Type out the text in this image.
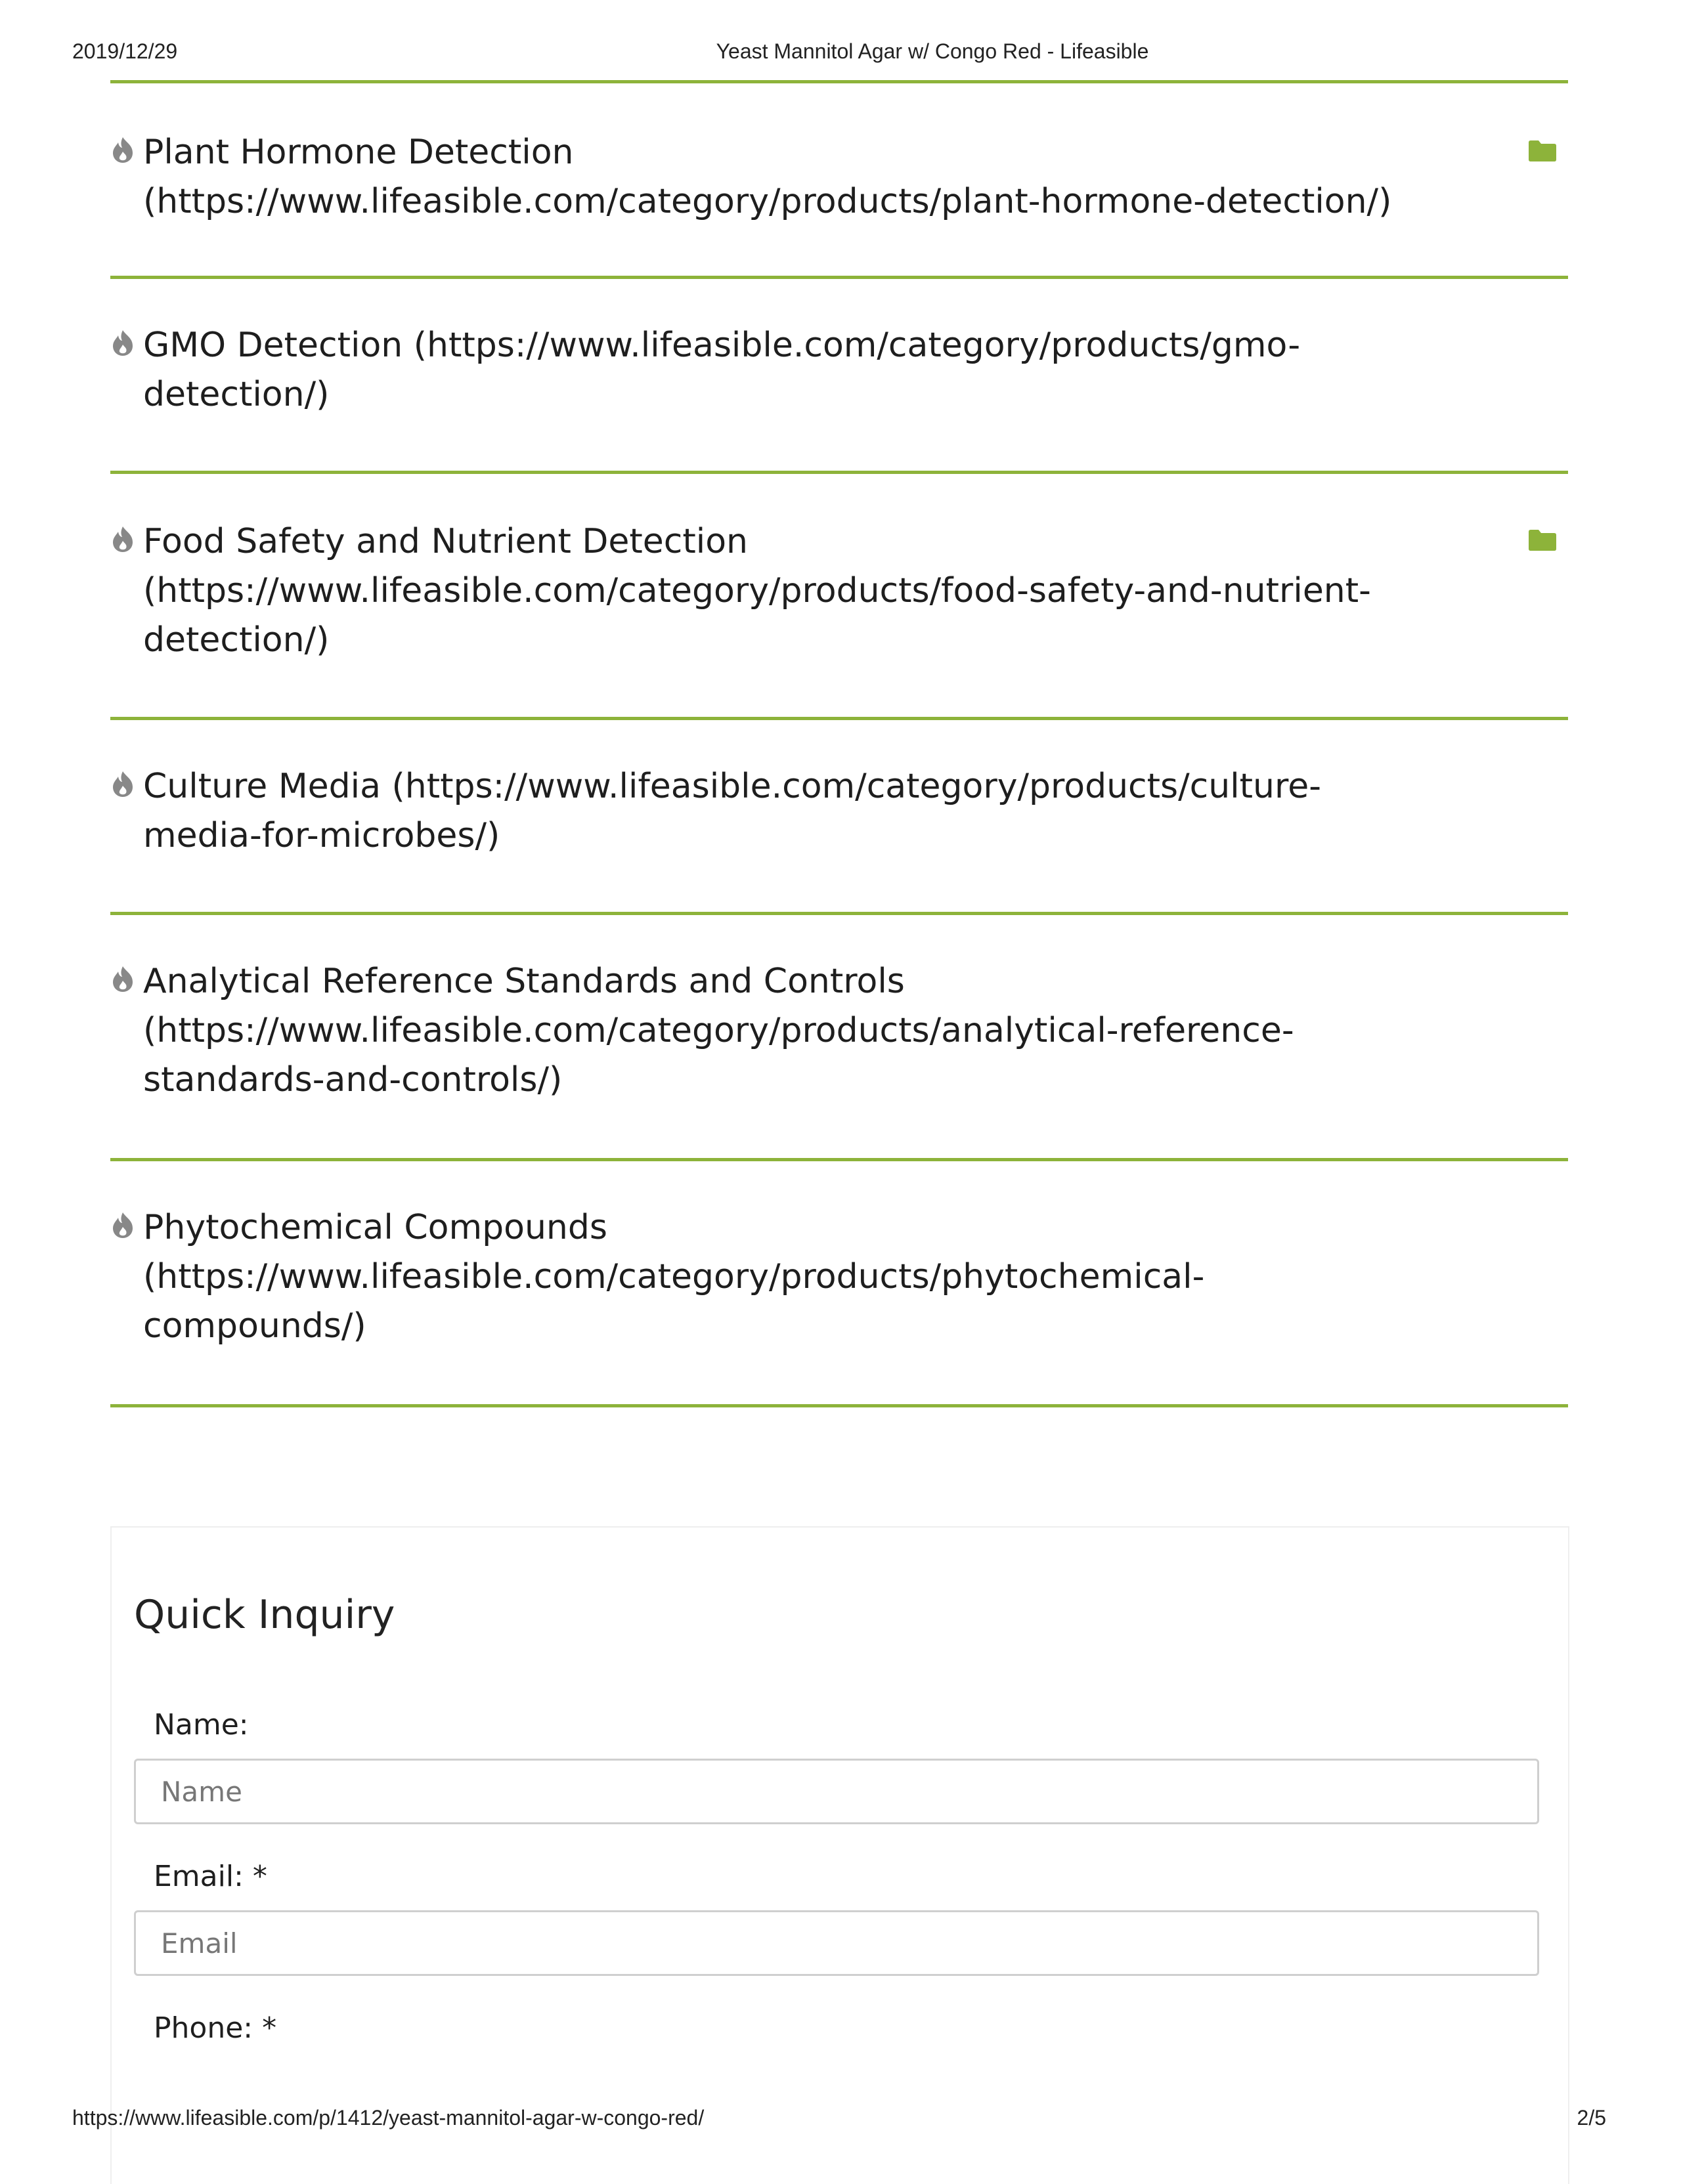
2019/12/29	Yeast Mannitol Agar w/ Congo Red - Lifeasible
Plant Hormone Detection
(https://www.lifeasible.com/category/products/plant-hormone-detection/)
GMO Detection (https://www.lifeasible.com/category/products/gmo-
detection/)
Food Safety and Nutrient Detection
(https://www.lifeasible.com/category/products/food-safety-and-nutrient-
detection/)
Culture Media (https://www.lifeasible.com/category/products/culture-
media-for-microbes/)
Analytical Reference Standards and Controls
(https://www.lifeasible.com/category/products/analytical-reference-
standards-and-controls/)
Phytochemical Compounds
(https://www.lifeasible.com/category/products/phytochemical-
compounds/)
Quick Inquiry
Name:
Name
Email: *
Email
Phone: *
https://www.lifeasible.com/p/1412/yeast-mannitol-agar-w-congo-red/	2/5
